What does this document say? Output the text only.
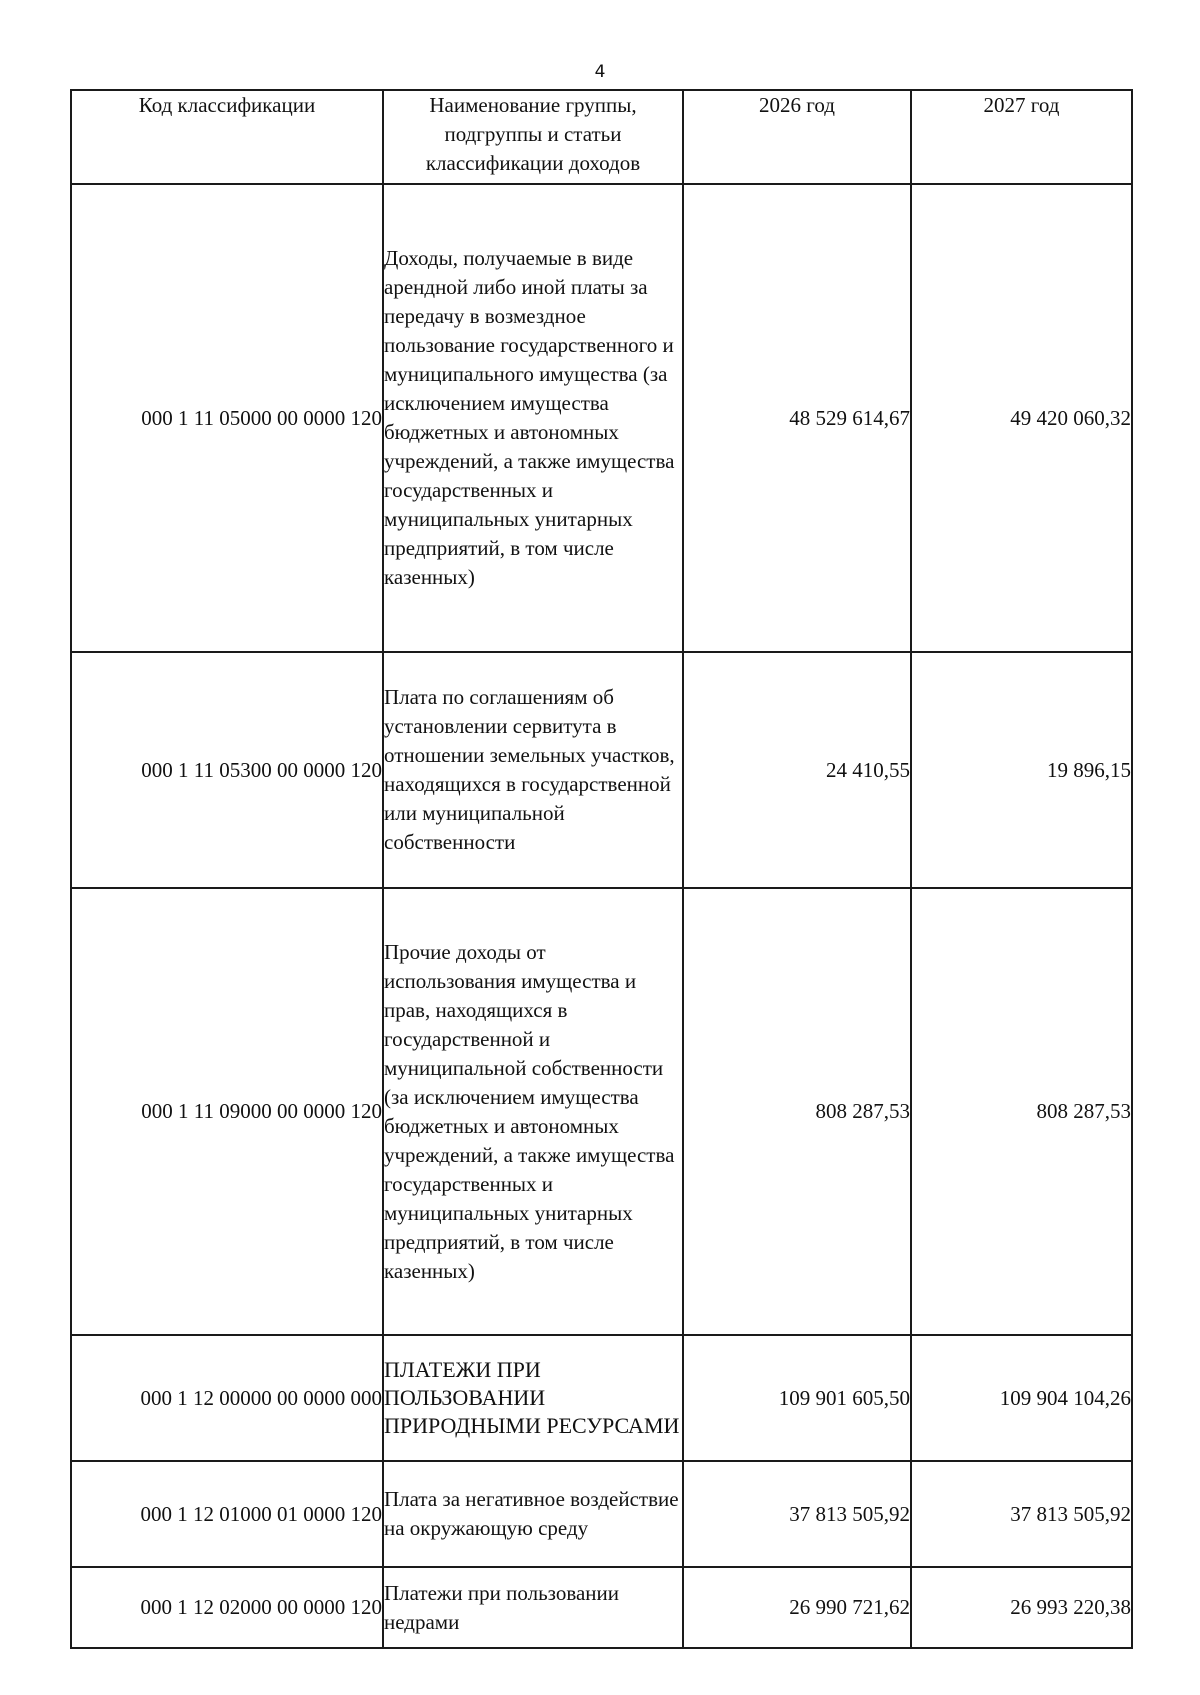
4
Код классификации	Наименование группы, подгруппы и статьи классификации доходов	2026 год	2027 год
000 1 11 05000 00 0000 120	Доходы, получаемые в виде арендной либо иной платы за передачу в возмездное пользование государственного и муниципального имущества (за исключением имущества бюджетных и автономных учреждений, а также имущества государственных и муниципальных унитарных предприятий, в том числе казенных)	48 529 614,67	49 420 060,32
000 1 11 05300 00 0000 120	Плата по соглашениям об установлении сервитута в отношении земельных участков, находящихся в государственной или муниципальной собственности	24 410,55	19 896,15
000 1 11 09000 00 0000 120	Прочие доходы от использования имущества и прав, находящихся в государственной и муниципальной собственности (за исключением имущества бюджетных и автономных учреждений, а также имущества государственных и муниципальных унитарных предприятий, в том числе казенных)	808 287,53	808 287,53
000 1 12 00000 00 0000 000	ПЛАТЕЖИ ПРИ ПОЛЬЗОВАНИИ ПРИРОДНЫМИ РЕСУРСАМИ	109 901 605,50	109 904 104,26
000 1 12 01000 01 0000 120	Плата за негативное воздействие на окружающую среду	37 813 505,92	37 813 505,92
000 1 12 02000 00 0000 120	Платежи при пользовании недрами	26 990 721,62	26 993 220,38
